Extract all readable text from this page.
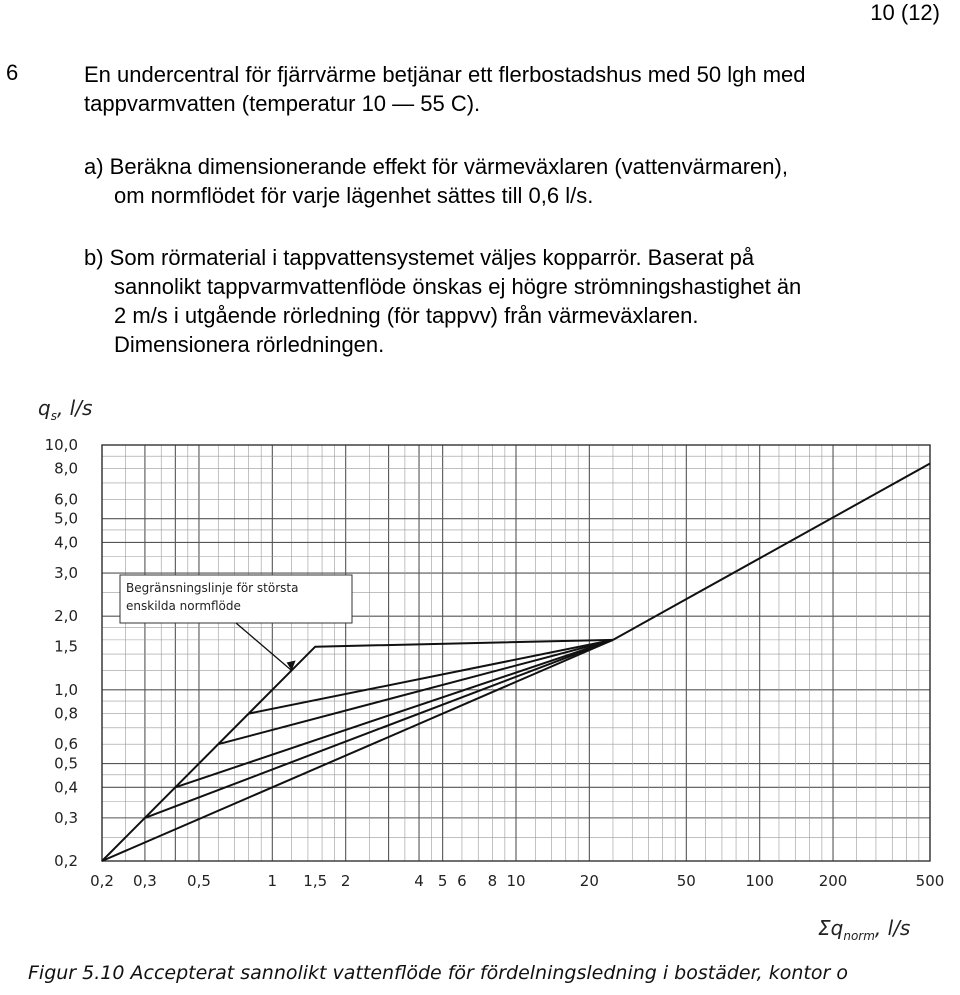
10 (12)
6	En undercentral för fjärrvärme betjänar ett flerbostadshus med 50 lgh med
tappvarmvatten (temperatur 10 — 55 C).
a) Beräkna dimensionerande effekt för värmeväxlaren (vattenvärmaren),
om normflödet för varje lägenhet sättes till 0,6 l/s.
b) Som rörmaterial i tappvattensystemet väljes kopparrör. Baserat på
sannolikt tappvarmvattenflöde önskas ej högre strömningshastighet än
2 m/s i utgående rörledning (för tappvv) från värmeväxlaren.
Dimensionera rörledningen.
0,2 0,3 0,5	1 1,5 2	4 5 6 8 10	20	50	100	200	500
0,2
0,3
0,4
0,5
0,6
0,8
1,0
1,5
2,0
3,0
4,0
5,0
6,0
8,0
10,0
Begränsningslinje för största
enskilda normflöde
$q_s$, l/s
$\Sigma q_{norm}$, l/s
Figur 5.10 Accepterat sannolikt vattenflöde för fördelningsledning i bostäder, kontor o
